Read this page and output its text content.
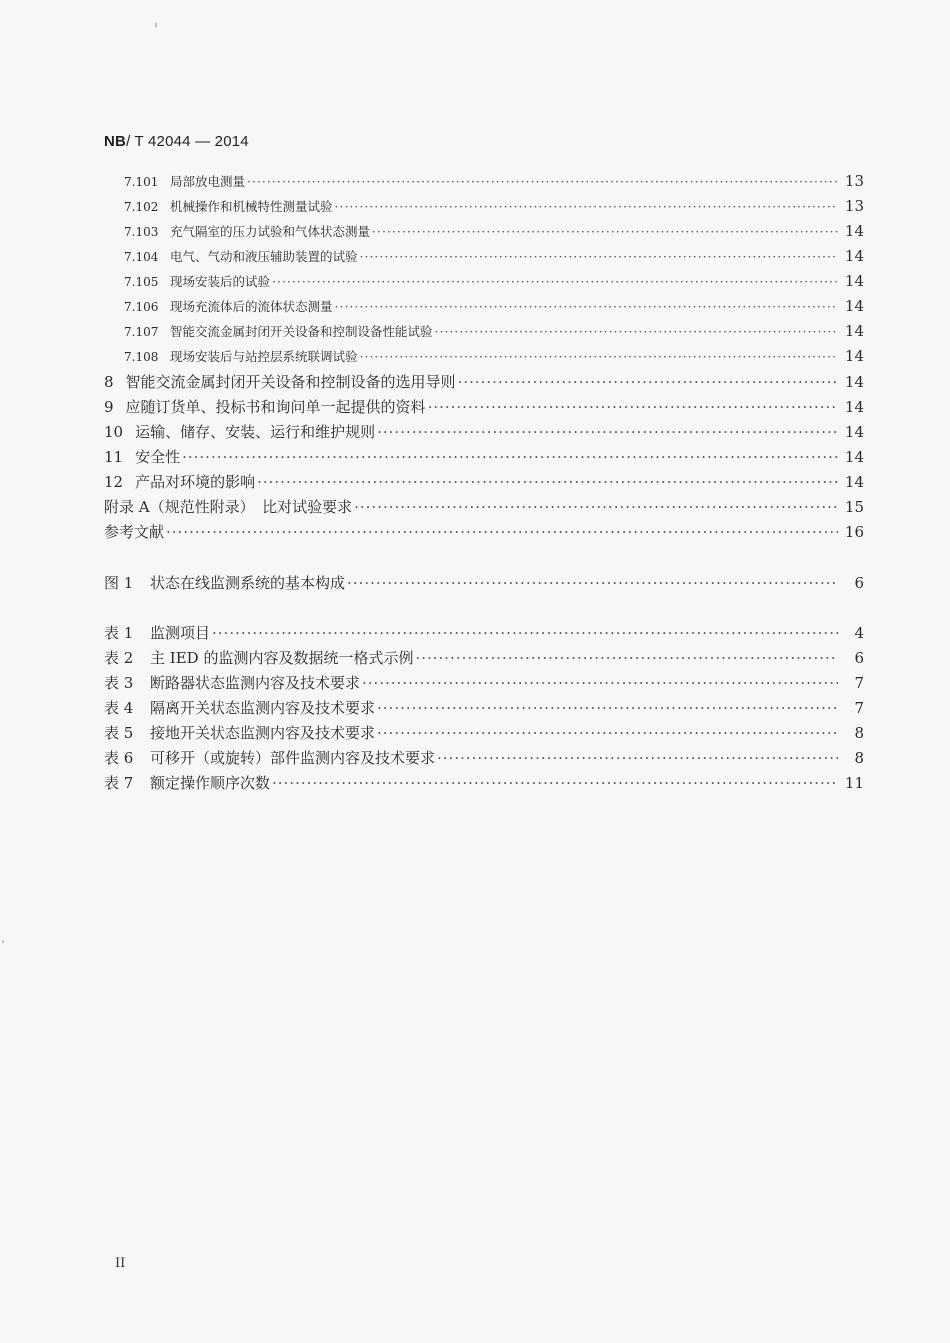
NB/ T 42044 — 2014
7.101 局部放电测量 ·····	13
7.102 机械操作和机械特性测量试验 ·····	13
7.103 充气隔室的压力试验和气体状态测量 ·····	14
7.104 电气、气动和液压辅助装置的试验 ·····	14
7.105 现场安装后的试验 ·····	14
7.106 现场充流体后的流体状态测量 ·····	14
7.107 智能交流金属封闭开关设备和控制设备性能试验 ·····	14
7.108 现场安装后与站控层系统联调试验 ·····	14
8 智能交流金属封闭开关设备和控制设备的选用导则 ·····	14
9 应随订货单、投标书和询问单一起提供的资料 ·····	14
10 运输、储存、安装、运行和维护规则 ·····	14
11 安全性 ·····	14
12 产品对环境的影响 ·····	14
附录 A （规范性附录）　比对试验要求 ·····	15
参考文献 ·····	16
图 1	状态在线监测系统的基本构成 ·····	6
表 1	监测项目 ·····	4
表 2	主 IED 的监测内容及数据统一格式示例 ·····	6
表 3	断路器状态监测内容及技术要求 ·····	7
表 4	隔离开关状态监测内容及技术要求 ·····	7
表 5	接地开关状态监测内容及技术要求 ·····	8
表 6	可移开（或旋转）部件监测内容及技术要求 ·····	8
表 7	额定操作顺序次数 ·····	11
II
